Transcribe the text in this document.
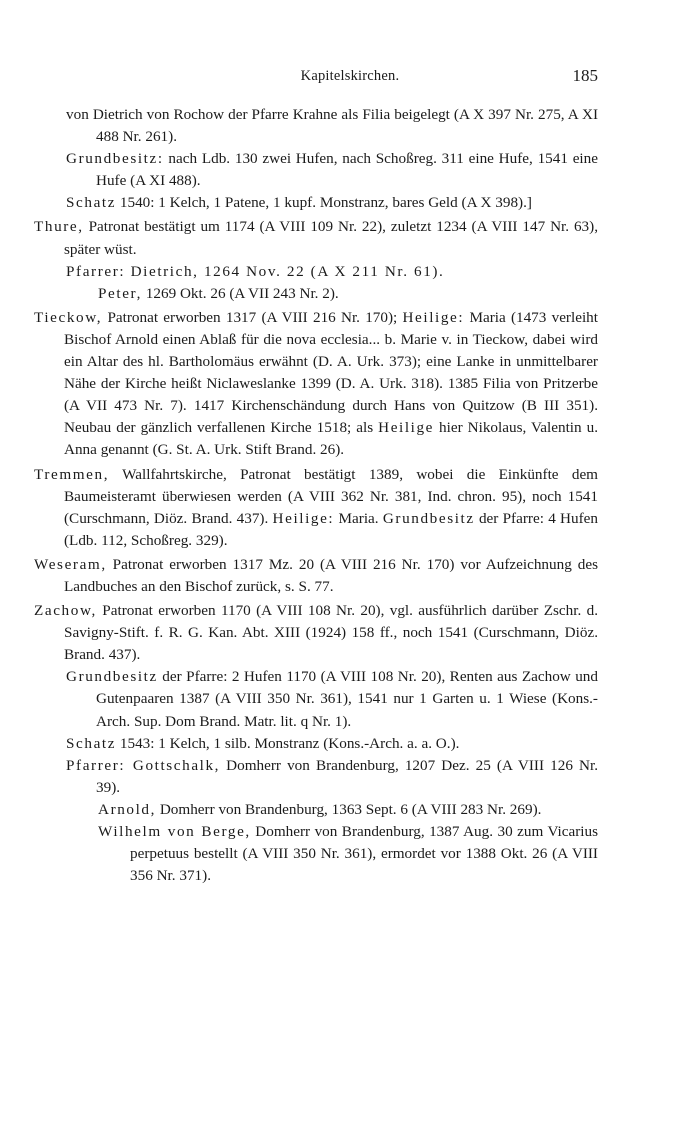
Kapitelskirchen.	185

von Dietrich von Rochow der Pfarre Krahne als Filia beigelegt (A X 397 Nr. 275, A XI 488 Nr. 261).

Grundbesitz: nach Ldb. 130 zwei Hufen, nach Schoßreg. 311 eine Hufe, 1541 eine Hufe (A XI 488).

Schatz 1540: 1 Kelch, 1 Patene, 1 kupf. Monstranz, bares Geld (A X 398).]

Thure, Patronat bestätigt um 1174 (A VIII 109 Nr. 22), zuletzt 1234 (A VIII 147 Nr. 63), später wüst.

Pfarrer: Dietrich, 1264 Nov. 22 (A X 211 Nr. 61).

Peter, 1269 Okt. 26 (A VII 243 Nr. 2).

Tieckow, Patronat erworben 1317 (A VIII 216 Nr. 170); Heilige: Maria (1473 verleiht Bischof Arnold einen Ablaß für die nova ecclesia... b. Marie v. in Tieckow, dabei wird ein Altar des hl. Bartholomäus erwähnt (D. A. Urk. 373); eine Lanke in unmittelbarer Nähe der Kirche heißt Niclaweslanke 1399 (D. A. Urk. 318). 1385 Filia von Pritzerbe (A VII 473 Nr. 7). 1417 Kirchenschändung durch Hans von Quitzow (B III 351). Neubau der gänzlich verfallenen Kirche 1518; als Heilige hier Nikolaus, Valentin u. Anna genannt (G. St. A. Urk. Stift Brand. 26).

Tremmen, Wallfahrtskirche, Patronat bestätigt 1389, wobei die Einkünfte dem Baumeisteramt überwiesen werden (A VIII 362 Nr. 381, Ind. chron. 95), noch 1541 (Curschmann, Diöz. Brand. 437). Heilige: Maria. Grundbesitz der Pfarre: 4 Hufen (Ldb. 112, Schoßreg. 329).

Weseram, Patronat erworben 1317 Mz. 20 (A VIII 216 Nr. 170) vor Aufzeichnung des Landbuches an den Bischof zurück, s. S. 77.

Zachow, Patronat erworben 1170 (A VIII 108 Nr. 20), vgl. ausführlich darüber Zschr. d. Savigny-Stift. f. R. G. Kan. Abt. XIII (1924) 158 ff., noch 1541 (Curschmann, Diöz. Brand. 437).

Grundbesitz der Pfarre: 2 Hufen 1170 (A VIII 108 Nr. 20), Renten aus Zachow und Gutenpaaren 1387 (A VIII 350 Nr. 361), 1541 nur 1 Garten u. 1 Wiese (Kons.-Arch. Sup. Dom Brand. Matr. lit. q Nr. 1).

Schatz 1543: 1 Kelch, 1 silb. Monstranz (Kons.-Arch. a. a. O.).

Pfarrer: Gottschalk, Domherr von Brandenburg, 1207 Dez. 25 (A VIII 126 Nr. 39).

Arnold, Domherr von Brandenburg, 1363 Sept. 6 (A VIII 283 Nr. 269).

Wilhelm von Berge, Domherr von Brandenburg, 1387 Aug. 30 zum Vicarius perpetuus bestellt (A VIII 350 Nr. 361), ermordet vor 1388 Okt. 26 (A VIII 356 Nr. 371).
